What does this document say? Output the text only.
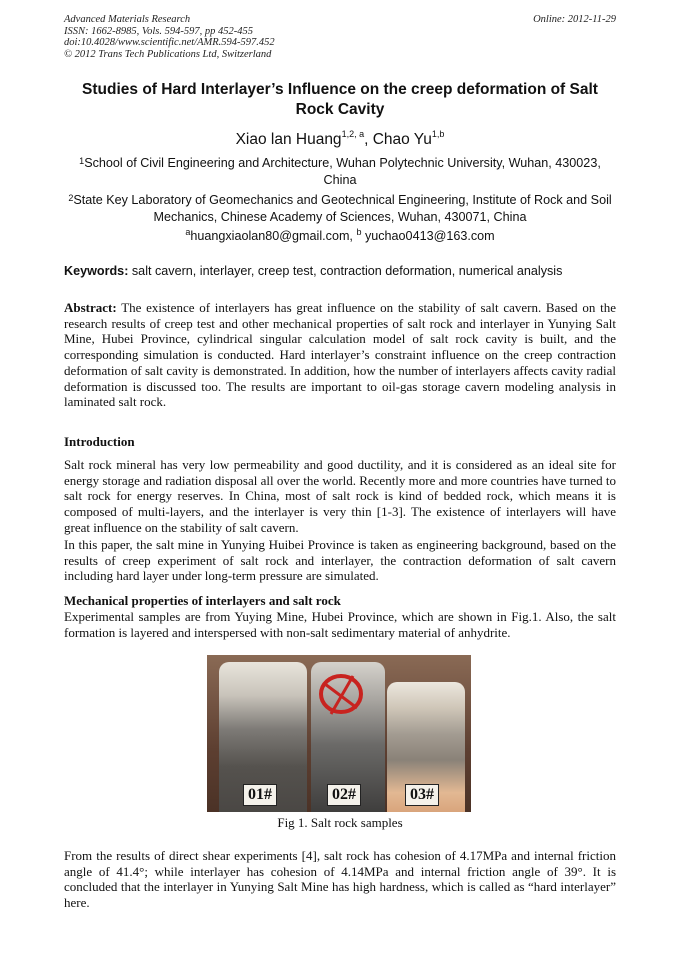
Advanced Materials Research
ISSN: 1662-8985, Vols. 594-597, pp 452-455
doi:10.4028/www.scientific.net/AMR.594-597.452
© 2012 Trans Tech Publications Ltd, Switzerland
Online: 2012-11-29
Studies of Hard Interlayer’s Influence on the creep deformation of Salt
Rock Cavity
Xiao lan Huang$^{1,2, a}$, Chao Yu$^{1,b}$
$^1$School of Civil Engineering and Architecture, Wuhan Polytechnic University, Wuhan, 430023,
China
$^2$State Key Laboratory of Geomechanics and Geotechnical Engineering, Institute of Rock and Soil
Mechanics, Chinese Academy of Sciences, Wuhan, 430071, China
$^a$huangxiaolan80@gmail.com, $^b$ yuchao0413@163.com
Keywords: salt cavern, interlayer, creep test, contraction deformation, numerical analysis
Abstract: The existence of interlayers has great influence on the stability of salt cavern. Based on the research results of creep test and other mechanical properties of salt rock and interlayer in Yunying Salt Mine, Hubei Province, cylindrical singular calculation model of salt rock cavity is built, and the corresponding simulation is conducted. Hard interlayer’s constraint influence on the creep contraction deformation of salt cavity is demonstrated. In addition, how the number of interlayers affects cavity radial deformation is discussed too. The results are important to oil-gas storage cavern modeling analysis in laminated salt rock.
Introduction
Salt rock mineral has very low permeability and good ductility, and it is considered as an ideal site for energy storage and radiation disposal all over the world. Recently more and more countries have turned to salt rock for energy reserves. In China, most of salt rock is kind of bedded rock, which means it is composed of multi-layers, and the interlayer is very thin [1-3]. The existence of interlayers will have great influence on the stability of salt cavern.
In this paper, the salt mine in Yunying Huibei Province is taken as engineering background, based on the results of creep experiment of salt rock and interlayer, the contraction deformation of salt cavern including hard layer under long-term pressure are simulated.
Mechanical properties of interlayers and salt rock
Experimental samples are from Yuying Mine, Hubei Province, which are shown in Fig.1. Also, the salt formation is layered and interspersed with non-salt sedimentary material of anhydrite.
01#	02#	03#
Fig 1. Salt rock samples
From the results of direct shear experiments [4], salt rock has cohesion of 4.17MPa and internal friction angle of 41.4°; while interlayer has cohesion of 4.14MPa and internal friction angle of 39°. It is concluded that the interlayer in Yunying Salt Mine has high hardness, which is called as “hard interlayer” here.
